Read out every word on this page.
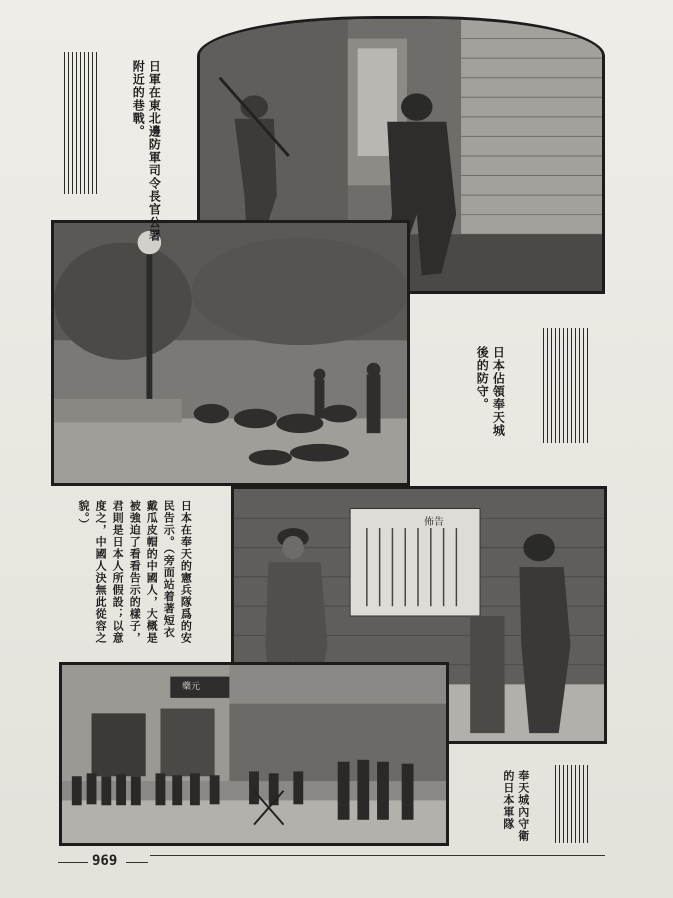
佈告
藥元
日軍在東北邊防軍司令長官公署附近的巷戰。
日本佔領奉天城後的防守。
日本在奉天的憲兵隊爲的安民告示。（旁面站着著短衣戴瓜皮帽的中國人，大概是被強迫了看看告示的樣子，君則是日本人所假設；以意度之，中國人決無此從容之貌。）
奉天城內守衛的日本軍隊
969
